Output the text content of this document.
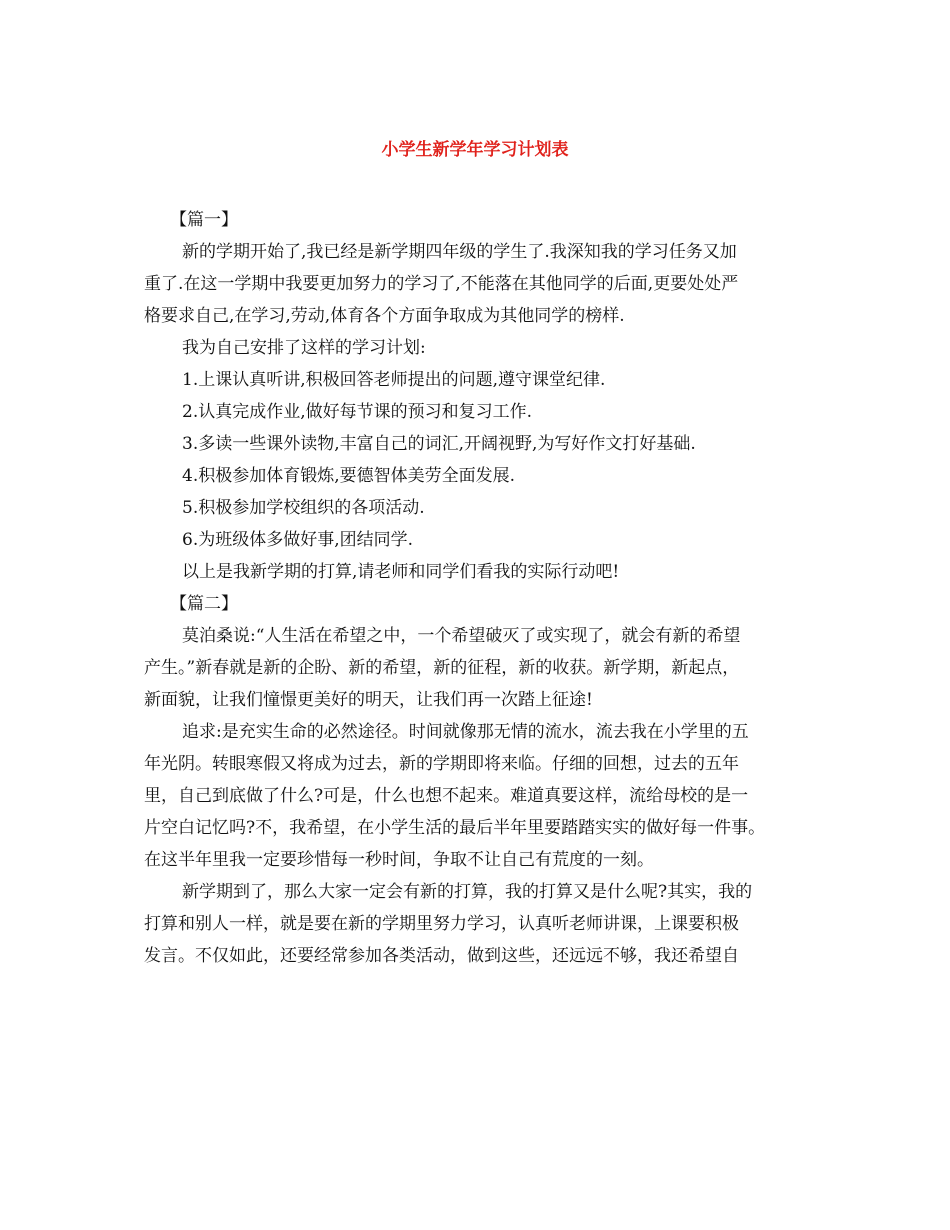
小学生新学年学习计划表
【篇一】
新的学期开始了,我已经是新学期四年级的学生了.我深知我的学习任务又加
重了.在这一学期中我要更加努力的学习了,不能落在其他同学的后面,更要处处严
格要求自己,在学习,劳动,体育各个方面争取成为其他同学的榜样.
我为自己安排了这样的学习计划:
1.上课认真听讲,积极回答老师提出的问题,遵守课堂纪律.
2.认真完成作业,做好每节课的预习和复习工作.
3.多读一些课外读物,丰富自己的词汇,开阔视野,为写好作文打好基础.
4.积极参加体育锻炼,要德智体美劳全面发展.
5.积极参加学校组织的各项活动.
6.为班级体多做好事,团结同学.
以上是我新学期的打算,请老师和同学们看我的实际行动吧!
【篇二】
莫泊桑说:“人生活在希望之中，一个希望破灭了或实现了，就会有新的希望
产生。”新春就是新的企盼、新的希望，新的征程，新的收获。新学期，新起点，
新面貌，让我们憧憬更美好的明天，让我们再一次踏上征途!
追求:是充实生命的必然途径。时间就像那无情的流水，流去我在小学里的五
年光阴。转眼寒假又将成为过去，新的学期即将来临。仔细的回想，过去的五年
里，自己到底做了什么?可是，什么也想不起来。难道真要这样，流给母校的是一
片空白记忆吗?不，我希望，在小学生活的最后半年里要踏踏实实的做好每一件事。
在这半年里我一定要珍惜每一秒时间，争取不让自己有荒度的一刻。
新学期到了，那么大家一定会有新的打算，我的打算又是什么呢?其实，我的
打算和别人一样，就是要在新的学期里努力学习，认真听老师讲课，上课要积极
发言。不仅如此，还要经常参加各类活动，做到这些，还远远不够，我还希望自
